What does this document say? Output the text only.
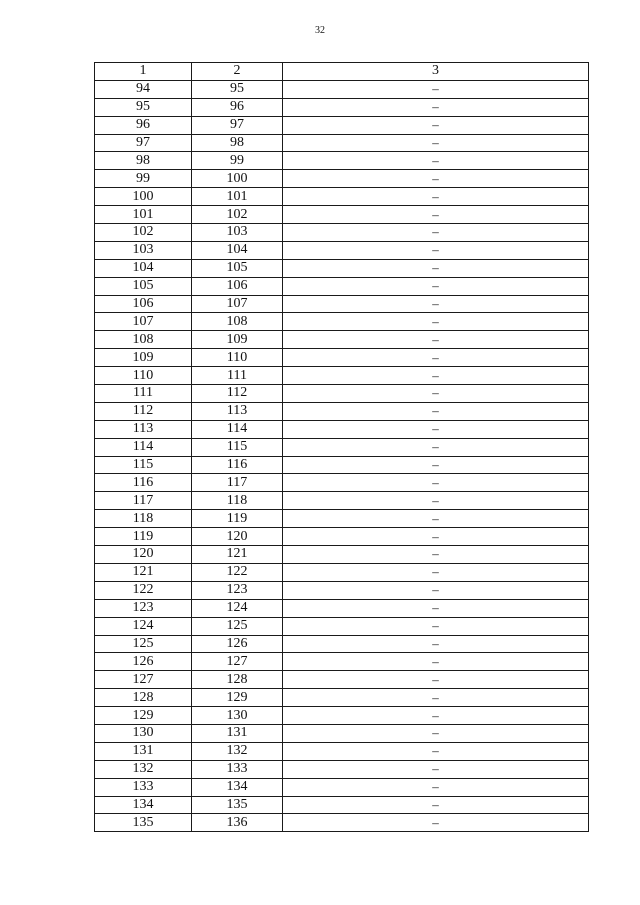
32
1	2	3
94	95	–
95	96	–
96	97	–
97	98	–
98	99	–
99	100	–
100	101	–
101	102	–
102	103	–
103	104	–
104	105	–
105	106	–
106	107	–
107	108	–
108	109	–
109	110	–
110	111	–
111	112	–
112	113	–
113	114	–
114	115	–
115	116	–
116	117	–
117	118	–
118	119	–
119	120	–
120	121	–
121	122	–
122	123	–
123	124	–
124	125	–
125	126	–
126	127	–
127	128	–
128	129	–
129	130	–
130	131	–
131	132	–
132	133	–
133	134	–
134	135	–
135	136	–
